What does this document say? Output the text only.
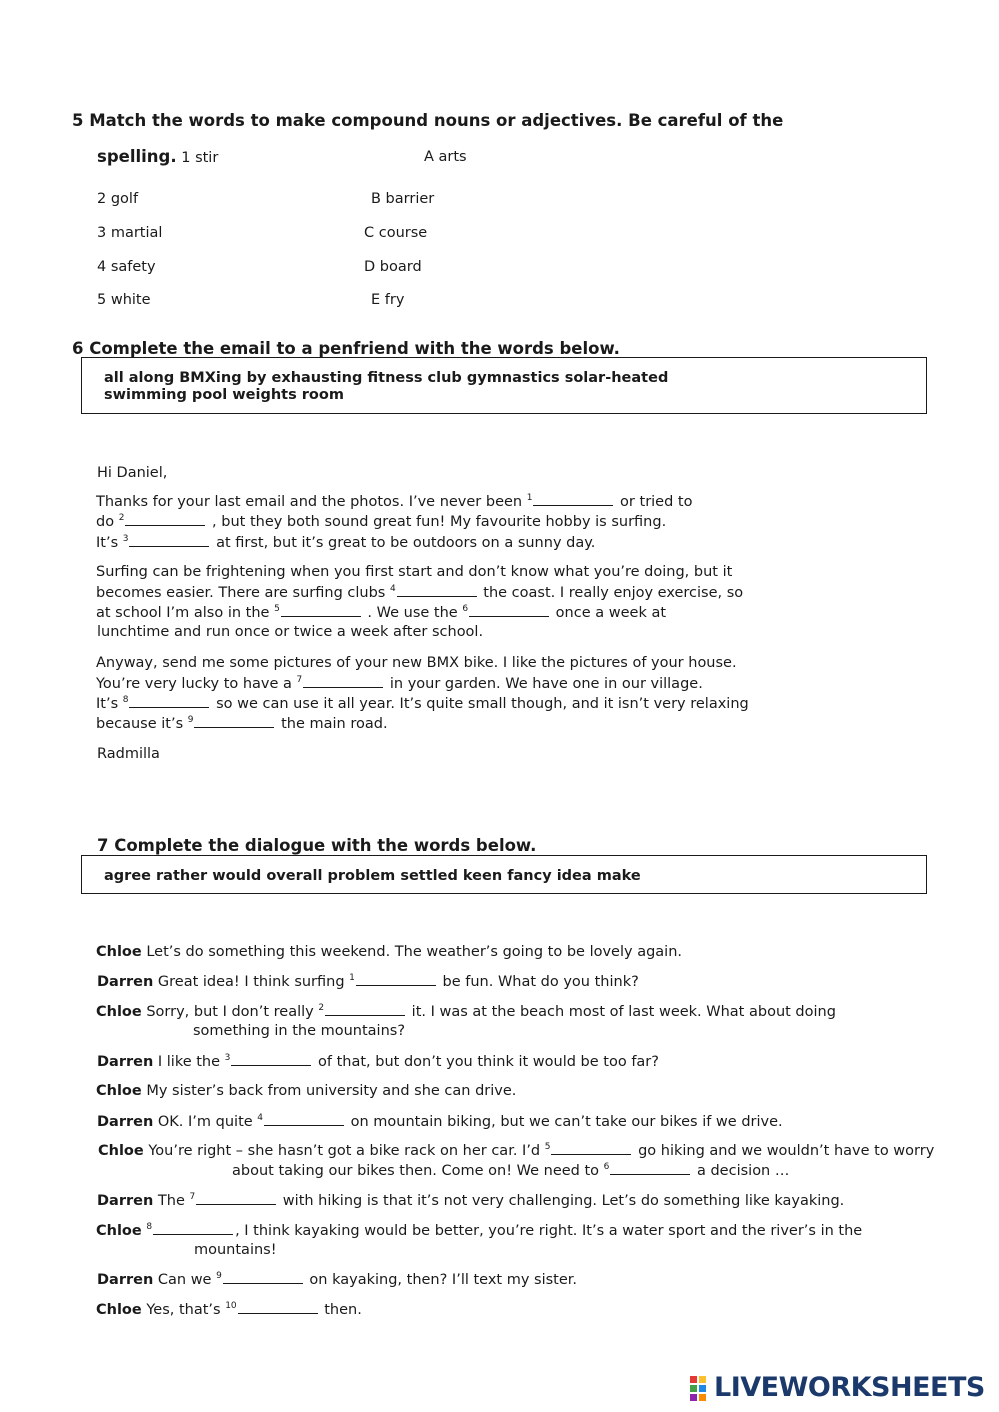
5 Match the words to make compound nouns or adjectives. Be careful of the
spelling. 1 stir	A arts
2 golf	B barrier
3 martial	C course
4 safety	D board
5 white	E fry
6 Complete the email to a penfriend with the words below.
all along BMXing by exhausting fitness club gymnastics solar-heated
swimming pool weights room
Hi Daniel,
Thanks for your last email and the photos. I’ve never been $^1$	or tried to
do $^2$	, but they both sound great fun! My favourite hobby is surfing.
It’s $^3$	at first, but it’s great to be outdoors on a sunny day.
Surfing can be frightening when you first start and don’t know what you’re doing, but it
becomes easier. There are surfing clubs $^4$	the coast. I really enjoy exercise, so
at school I’m also in the $^5$	. We use the $^6$	once a week at
lunchtime and run once or twice a week after school.
Anyway, send me some pictures of your new BMX bike. I like the pictures of your house.
You’re very lucky to have a $^7$	in your garden. We have one in our village.
It’s $^8$	so we can use it all year. It’s quite small though, and it isn’t very relaxing
because it’s $^9$	the main road.
Radmilla
7 Complete the dialogue with the words below.
agree rather would overall problem settled keen fancy idea make
Chloe Let’s do something this weekend. The weather’s going to be lovely again.
Darren Great idea! I think surfing $^1$	be fun. What do you think?
Chloe Sorry, but I don’t really $^2$	it. I was at the beach most of last week. What about doing
something in the mountains?
Darren I like the $^3$	of that, but don’t you think it would be too far?
Chloe My sister’s back from university and she can drive.
Darren OK. I’m quite $^4$	on mountain biking, but we can’t take our bikes if we drive.
Chloe You’re right – she hasn’t got a bike rack on her car. I’d $^5$	go hiking and we wouldn’t have to worry
about taking our bikes then. Come on! We need to $^6$	a decision …
Darren The $^7$	with hiking is that it’s not very challenging. Let’s do something like kayaking.
Chloe $^8$	, I think kayaking would be better, you’re right. It’s a water sport and the river’s in the
mountains!
Darren Can we $^9$	on kayaking, then? I’ll text my sister.
Chloe Yes, that’s $^{10}$	then.
LIVEWORKSHEETS
